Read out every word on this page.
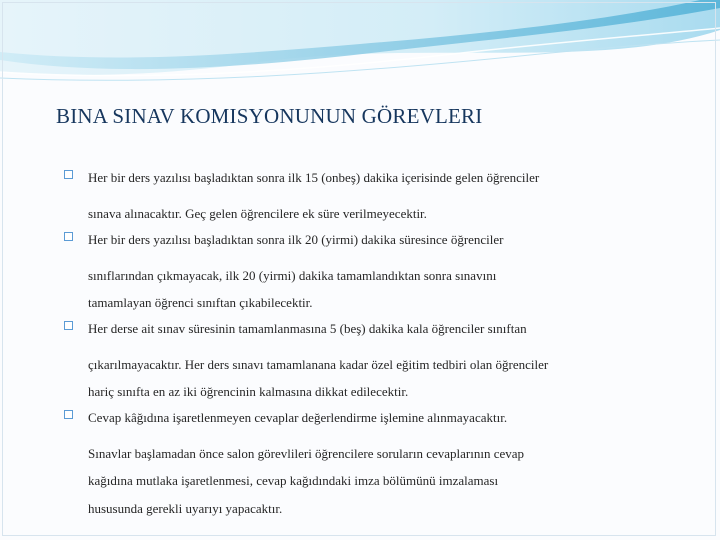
BINA SINAV KOMISYONUNUN GÖREVLERI
Her bir ders yazılısı başladıktan sonra ilk 15 (onbeş) dakika içerisinde gelen öğrenciler
sınava alınacaktır. Geç gelen öğrencilere ek süre verilmeyecektir.
Her bir ders yazılısı başladıktan sonra ilk 20 (yirmi) dakika süresince öğrenciler
sınıflarından çıkmayacak, ilk 20 (yirmi) dakika tamamlandıktan sonra sınavını
tamamlayan öğrenci sınıftan çıkabilecektir.
Her derse ait sınav süresinin tamamlanmasına 5 (beş) dakika kala öğrenciler sınıftan
çıkarılmayacaktır. Her ders sınavı tamamlanana kadar özel eğitim tedbiri olan öğrenciler
hariç sınıfta en az iki öğrencinin kalmasına dikkat edilecektir.
Cevap kâğıdına işaretlenmeyen cevaplar değerlendirme işlemine alınmayacaktır.
Sınavlar başlamadan önce salon görevlileri öğrencilere soruların cevaplarının cevap
kağıdına mutlaka işaretlenmesi, cevap kağıdındaki imza bölümünü imzalaması
hususunda gerekli uyarıyı yapacaktır.
